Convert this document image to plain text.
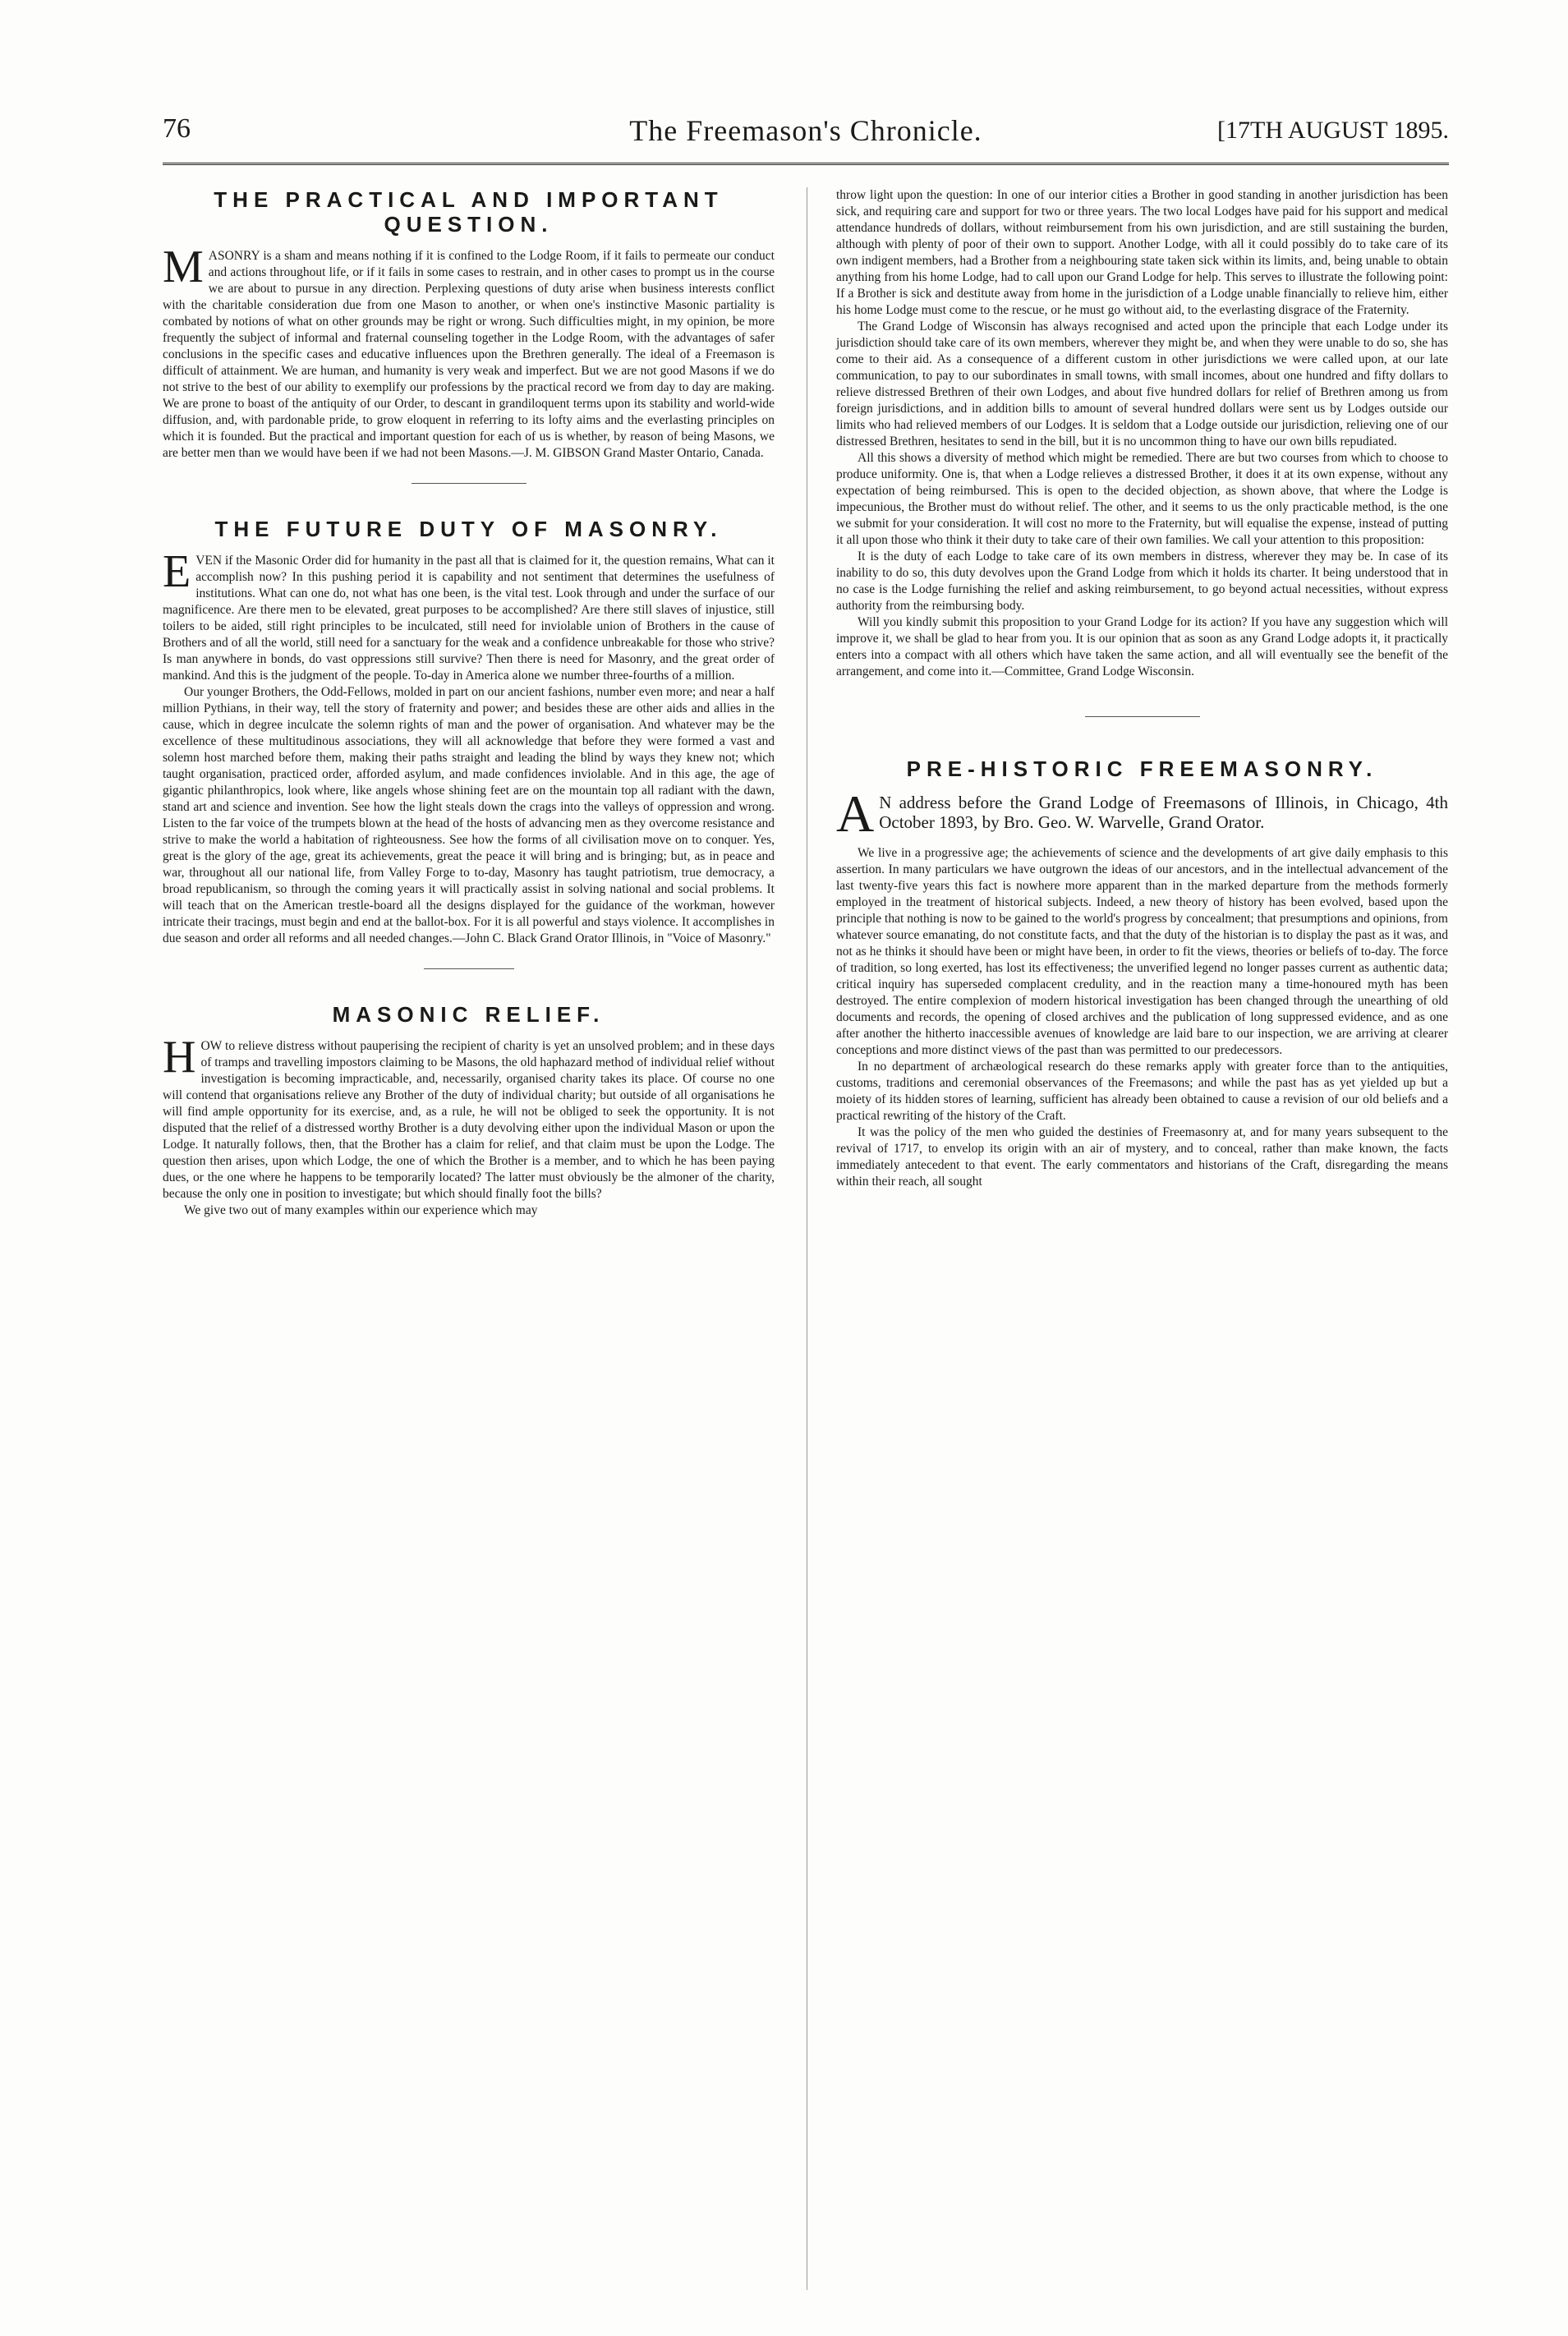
76	The Freemason's Chronicle.	[17TH AUGUST 1895.
THE PRACTICAL AND IMPORTANT QUESTION.

MASONRY is a sham and means nothing if it is confined to the Lodge Room, if it fails to permeate our conduct and actions throughout life, or if it fails in some cases to restrain, and in other cases to prompt us in the course we are about to pursue in any direction. Perplexing questions of duty arise when business interests conflict with the charitable consideration due from one Mason to another, or when one's instinctive Masonic partiality is combated by notions of what on other grounds may be right or wrong. Such difficulties might, in my opinion, be more frequently the subject of informal and fraternal counseling together in the Lodge Room, with the advantages of safer conclusions in the specific cases and educative influences upon the Brethren generally. The ideal of a Freemason is difficult of attainment. We are human, and humanity is very weak and imperfect. But we are not good Masons if we do not strive to the best of our ability to exemplify our professions by the practical record we from day to day are making. We are prone to boast of the antiquity of our Order, to descant in grandiloquent terms upon its stability and world-wide diffusion, and, with pardonable pride, to grow eloquent in referring to its lofty aims and the everlasting principles on which it is founded. But the practical and important question for each of us is whether, by reason of being Masons, we are better men than we would have been if we had not been Masons.—J. M. GIBSON Grand Master Ontario, Canada.

THE FUTURE DUTY OF MASONRY.

EVEN if the Masonic Order did for humanity in the past all that is claimed for it, the question remains, What can it accomplish now? In this pushing period it is capability and not sentiment that determines the usefulness of institutions. What can one do, not what has one been, is the vital test. Look through and under the surface of our magnificence. Are there men to be elevated, great purposes to be accomplished? Are there still slaves of injustice, still toilers to be aided, still right principles to be inculcated, still need for inviolable union of Brothers in the cause of Brothers and of all the world, still need for a sanctuary for the weak and a confidence unbreakable for those who strive? Is man anywhere in bonds, do vast oppressions still survive? Then there is need for Masonry, and the great order of mankind. And this is the judgment of the people. To-day in America alone we number three-fourths of a million.

Our younger Brothers, the Odd-Fellows, molded in part on our ancient fashions, number even more; and near a half million Pythians, in their way, tell the story of fraternity and power; and besides these are other aids and allies in the cause, which in degree inculcate the solemn rights of man and the power of organisation. And whatever may be the excellence of these multitudinous associations, they will all acknowledge that before they were formed a vast and solemn host marched before them, making their paths straight and leading the blind by ways they knew not; which taught organisation, practiced order, afforded asylum, and made confidences inviolable. And in this age, the age of gigantic philanthropics, look where, like angels whose shining feet are on the mountain top all radiant with the dawn, stand art and science and invention. See how the light steals down the crags into the valleys of oppression and wrong. Listen to the far voice of the trumpets blown at the head of the hosts of advancing men as they overcome resistance and strive to make the world a habitation of righteousness. See how the forms of all civilisation move on to conquer. Yes, great is the glory of the age, great its achievements, great the peace it will bring and is bringing; but, as in peace and war, throughout all our national life, from Valley Forge to to-day, Masonry has taught patriotism, true democracy, a broad republicanism, so through the coming years it will practically assist in solving national and social problems. It will teach that on the American trestle-board all the designs displayed for the guidance of the workman, however intricate their tracings, must begin and end at the ballot-box. For it is all powerful and stays violence. It accomplishes in due season and order all reforms and all needed changes.—John C. Black Grand Orator Illinois, in "Voice of Masonry."

MASONIC RELIEF.

HOW to relieve distress without pauperising the recipient of charity is yet an unsolved problem; and in these days of tramps and travelling impostors claiming to be Masons, the old haphazard method of individual relief without investigation is becoming impracticable, and, necessarily, organised charity takes its place. Of course no one will contend that organisations relieve any Brother of the duty of individual charity; but outside of all organisations he will find ample opportunity for its exercise, and, as a rule, he will not be obliged to seek the opportunity. It is not disputed that the relief of a distressed worthy Brother is a duty devolving either upon the individual Mason or upon the Lodge. It naturally follows, then, that the Brother has a claim for relief, and that claim must be upon the Lodge. The question then arises, upon which Lodge, the one of which the Brother is a member, and to which he has been paying dues, or the one where he happens to be temporarily located? The latter must obviously be the almoner of the charity, because the only one in position to investigate; but which should finally foot the bills?

We give two out of many examples within our experience which may

throw light upon the question: In one of our interior cities a Brother in good standing in another jurisdiction has been sick, and requiring care and support for two or three years. The two local Lodges have paid for his support and medical attendance hundreds of dollars, without reimbursement from his own jurisdiction, and are still sustaining the burden, although with plenty of poor of their own to support. Another Lodge, with all it could possibly do to take care of its own indigent members, had a Brother from a neighbouring state taken sick within its limits, and, being unable to obtain anything from his home Lodge, had to call upon our Grand Lodge for help. This serves to illustrate the following point: If a Brother is sick and destitute away from home in the jurisdiction of a Lodge unable financially to relieve him, either his home Lodge must come to the rescue, or he must go without aid, to the everlasting disgrace of the Fraternity.

The Grand Lodge of Wisconsin has always recognised and acted upon the principle that each Lodge under its jurisdiction should take care of its own members, wherever they might be, and when they were unable to do so, she has come to their aid. As a consequence of a different custom in other jurisdictions we were called upon, at our late communication, to pay to our subordinates in small towns, with small incomes, about one hundred and fifty dollars to relieve distressed Brethren of their own Lodges, and about five hundred dollars for relief of Brethren among us from foreign jurisdictions, and in addition bills to amount of several hundred dollars were sent us by Lodges outside our limits who had relieved members of our Lodges. It is seldom that a Lodge outside our jurisdiction, relieving one of our distressed Brethren, hesitates to send in the bill, but it is no uncommon thing to have our own bills repudiated.

All this shows a diversity of method which might be remedied. There are but two courses from which to choose to produce uniformity. One is, that when a Lodge relieves a distressed Brother, it does it at its own expense, without any expectation of being reimbursed. This is open to the decided objection, as shown above, that where the Lodge is impecunious, the Brother must do without relief. The other, and it seems to us the only practicable method, is the one we submit for your consideration. It will cost no more to the Fraternity, but will equalise the expense, instead of putting it all upon those who think it their duty to take care of their own families. We call your attention to this proposition:

It is the duty of each Lodge to take care of its own members in distress, wherever they may be. In case of its inability to do so, this duty devolves upon the Grand Lodge from which it holds its charter. It being understood that in no case is the Lodge furnishing the relief and asking reimbursement, to go beyond actual necessities, without express authority from the reimbursing body.

Will you kindly submit this proposition to your Grand Lodge for its action? If you have any suggestion which will improve it, we shall be glad to hear from you. It is our opinion that as soon as any Grand Lodge adopts it, it practically enters into a compact with all others which have taken the same action, and all will eventually see the benefit of the arrangement, and come into it.—Committee, Grand Lodge Wisconsin.

PRE-HISTORIC FREEMASONRY.

A N address before the Grand Lodge of Freemasons of Illinois, in Chicago, 4th October 1893, by Bro. Geo. W. Warvelle, Grand Orator.

We live in a progressive age; the achievements of science and the developments of art give daily emphasis to this assertion. In many particulars we have outgrown the ideas of our ancestors, and in the intellectual advancement of the last twenty-five years this fact is nowhere more apparent than in the marked departure from the methods formerly employed in the treatment of historical subjects. Indeed, a new theory of history has been evolved, based upon the principle that nothing is now to be gained to the world's progress by concealment; that presumptions and opinions, from whatever source emanating, do not constitute facts, and that the duty of the historian is to display the past as it was, and not as he thinks it should have been or might have been, in order to fit the views, theories or beliefs of to-day. The force of tradition, so long exerted, has lost its effectiveness; the unverified legend no longer passes current as authentic data; critical inquiry has superseded complacent credulity, and in the reaction many a time-honoured myth has been destroyed. The entire complexion of modern historical investigation has been changed through the unearthing of old documents and records, the opening of closed archives and the publication of long suppressed evidence, and as one after another the hitherto inaccessible avenues of knowledge are laid bare to our inspection, we are arriving at clearer conceptions and more distinct views of the past than was permitted to our predecessors.

In no department of archæological research do these remarks apply with greater force than to the antiquities, customs, traditions and ceremonial observances of the Freemasons; and while the past has as yet yielded up but a moiety of its hidden stores of learning, sufficient has already been obtained to cause a revision of our old beliefs and a practical rewriting of the history of the Craft.

It was the policy of the men who guided the destinies of Freemasonry at, and for many years subsequent to the revival of 1717, to envelop its origin with an air of mystery, and to conceal, rather than make known, the facts immediately antecedent to that event. The early commentators and historians of the Craft, disregarding the means within their reach, all sought
